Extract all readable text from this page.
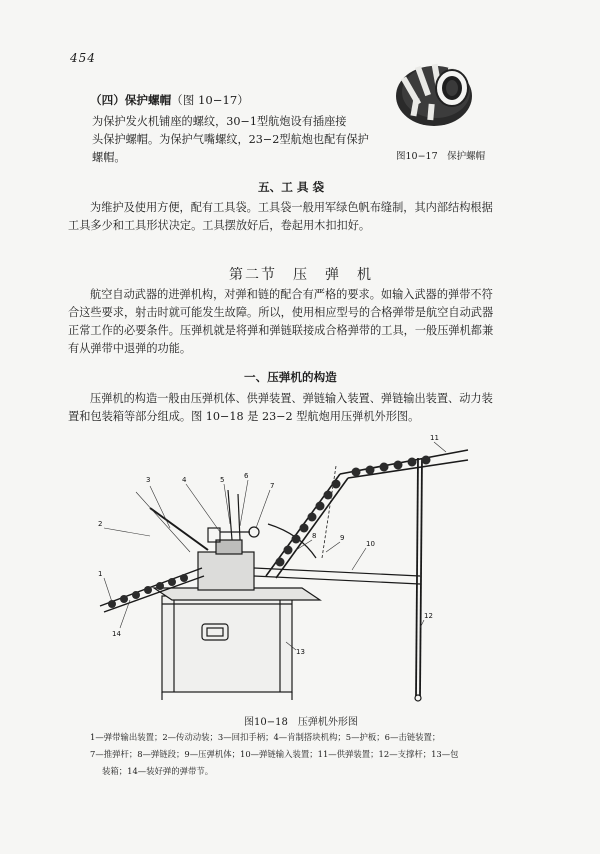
454

（四）保护螺帽（图 10−17）

为保护发火机铺座的螺纹，30−1型航炮设有插座接

头保护螺帽。为保护气嘴螺纹，23−2型航炮也配有保护

螺帽。	图10−17　保护螺帽

五、工 具 袋

为维护及使用方便，配有工具袋。工具袋一般用军绿色帆布缝制，其内部结构根据

工具多少和工具形状决定。工具摆放好后，卷起用木扣扣好。

第二节　压　弹　机

航空自动武器的进弹机构，对弹和链的配合有严格的要求。如输入武器的弹带不符

合这些要求，射击时就可能发生故障。所以，使用相应型号的合格弹带是航空自动武器

正常工作的必要条件。压弹机就是将弹和弹链联接成合格弹带的工具，一般压弹机都兼

有从弹带中退弹的功能。

一、压弹机的构造

压弹机的构造一般由压弹机体、供弹装置、弹链输入装置、弹链输出装置、动力装

置和包装箱等部分组成。图 10−18 是 23−2 型航炮用压弹机外形图。

1
2
3	4	5	6
7
8	9
10
11
12
13
14

图10−18　压弹机外形图

1—弹带输出装置；2—传动动装；3—回扣手柄；4—肯制搭块机构；5—护板；6—击链装置；

7—推弹杆；8—弹链段；9—压弹机体；10—弹链输入装置；11—供弹装置；12—支撑杆；13—包

装箱；14—装好弹的弹带节。
